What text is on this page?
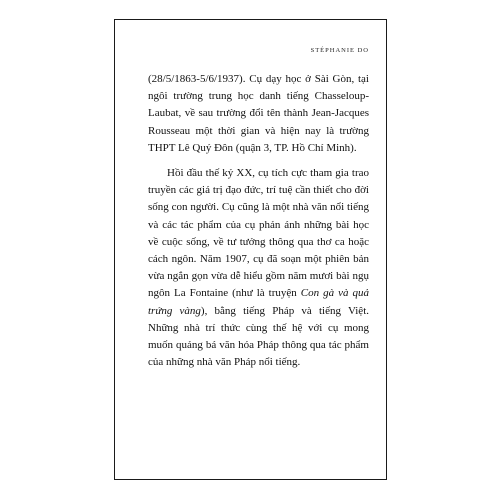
STÉPHANIE DO

(28/5/1863-5/6/1937). Cụ dạy học ở Sài Gòn, tại ngôi trường trung học danh tiếng Chasseloup-Laubat, về sau trường đổi tên thành Jean-Jacques Rousseau một thời gian và hiện nay là trường THPT Lê Quý Đôn (quận 3, TP. Hồ Chí Minh).

Hồi đầu thế kỷ XX, cụ tích cực tham gia trao truyền các giá trị đạo đức, trí tuệ cần thiết cho đời sống con người. Cụ cũng là một nhà văn nổi tiếng và các tác phẩm của cụ phản ánh những bài học về cuộc sống, về tư tưởng thông qua thơ ca hoặc cách ngôn. Năm 1907, cụ đã soạn một phiên bản vừa ngắn gọn vừa dễ hiểu gồm năm mươi bài ngụ ngôn La Fontaine (như là truyện Con gà và quả trứng vàng), bằng tiếng Pháp và tiếng Việt. Những nhà trí thức cùng thế hệ với cụ mong muốn quảng bá văn hóa Pháp thông qua tác phẩm của những nhà văn Pháp nổi tiếng.
